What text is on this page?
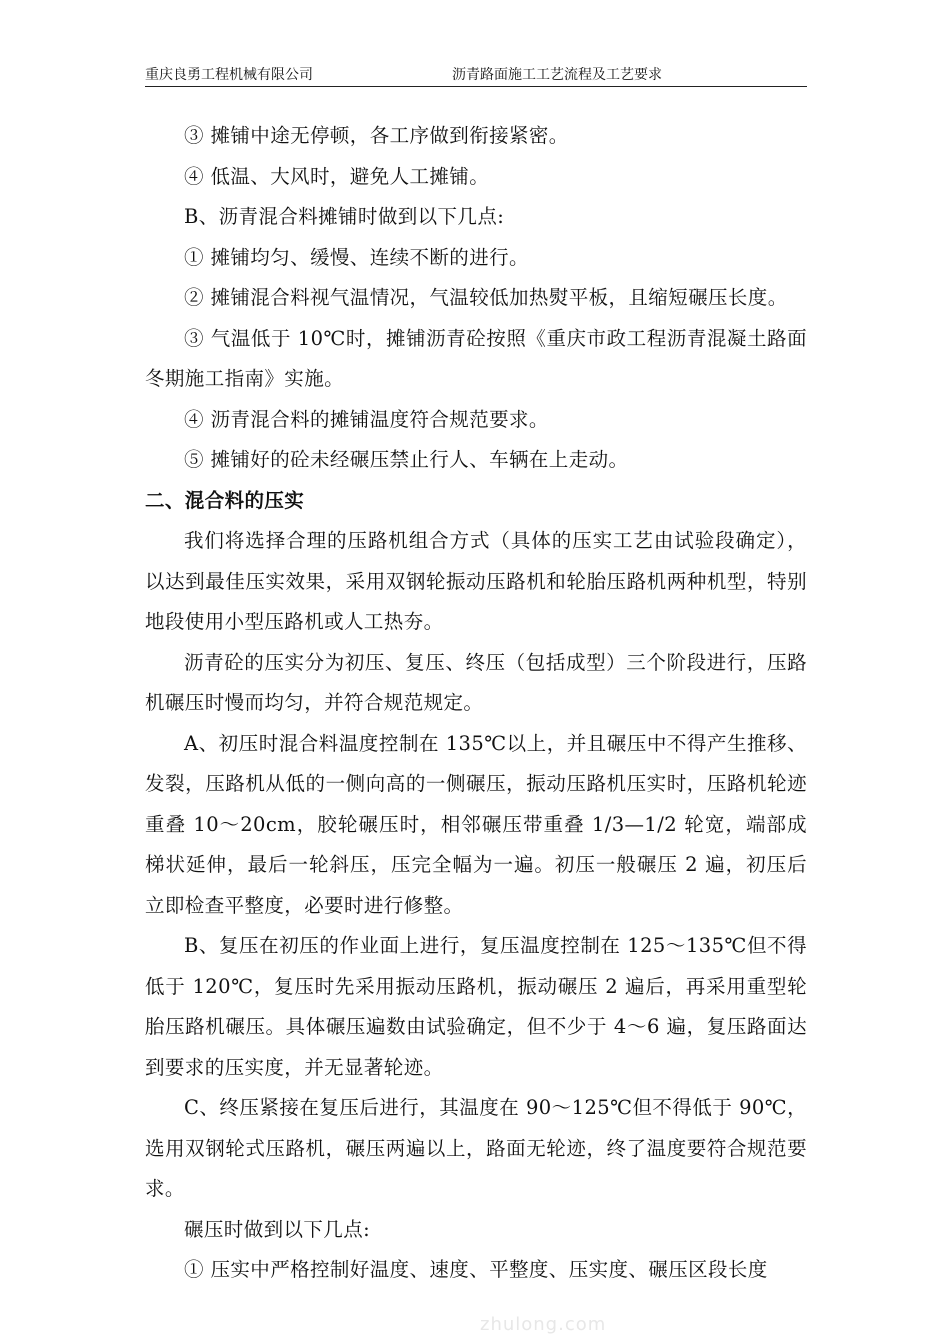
重庆良勇工程机械有限公司	沥青路面施工工艺流程及工艺要求

③ 摊铺中途无停顿，各工序做到衔接紧密。

④ 低温、大风时，避免人工摊铺。

B、沥青混合料摊铺时做到以下几点:

① 摊铺均匀、缓慢、连续不断的进行。

② 摊铺混合料视气温情况，气温较低加热熨平板，且缩短碾压长度。

③ 气温低于 10℃时，摊铺沥青砼按照《重庆市政工程沥青混凝土路面冬期施工指南》实施。

④ 沥青混合料的摊铺温度符合规范要求。

⑤ 摊铺好的砼未经碾压禁止行人、车辆在上走动。

二、混合料的压实

我们将选择合理的压路机组合方式（具体的压实工艺由试验段确定），以达到最佳压实效果，采用双钢轮振动压路机和轮胎压路机两种机型，特别地段使用小型压路机或人工热夯。

沥青砼的压实分为初压、复压、终压（包括成型）三个阶段进行，压路机碾压时慢而均匀，并符合规范规定。

A、初压时混合料温度控制在 135℃以上，并且碾压中不得产生推移、发裂，压路机从低的一侧向高的一侧碾压，振动压路机压实时，压路机轮迹重叠 10～20cm，胶轮碾压时，相邻碾压带重叠 1/3—1/2 轮宽，端部成梯状延伸，最后一轮斜压，压完全幅为一遍。初压一般碾压 2 遍，初压后立即检查平整度，必要时进行修整。

B、复压在初压的作业面上进行，复压温度控制在 125～135℃但不得低于 120℃，复压时先采用振动压路机，振动碾压 2 遍后，再采用重型轮胎压路机碾压。具体碾压遍数由试验确定，但不少于 4～6 遍，复压路面达到要求的压实度，并无显著轮迹。

C、终压紧接在复压后进行，其温度在 90～125℃但不得低于 90℃，选用双钢轮式压路机，碾压两遍以上，路面无轮迹，终了温度要符合规范要求。

碾压时做到以下几点:

① 压实中严格控制好温度、速度、平整度、压实度、碾压区段长度

zhulong.com
